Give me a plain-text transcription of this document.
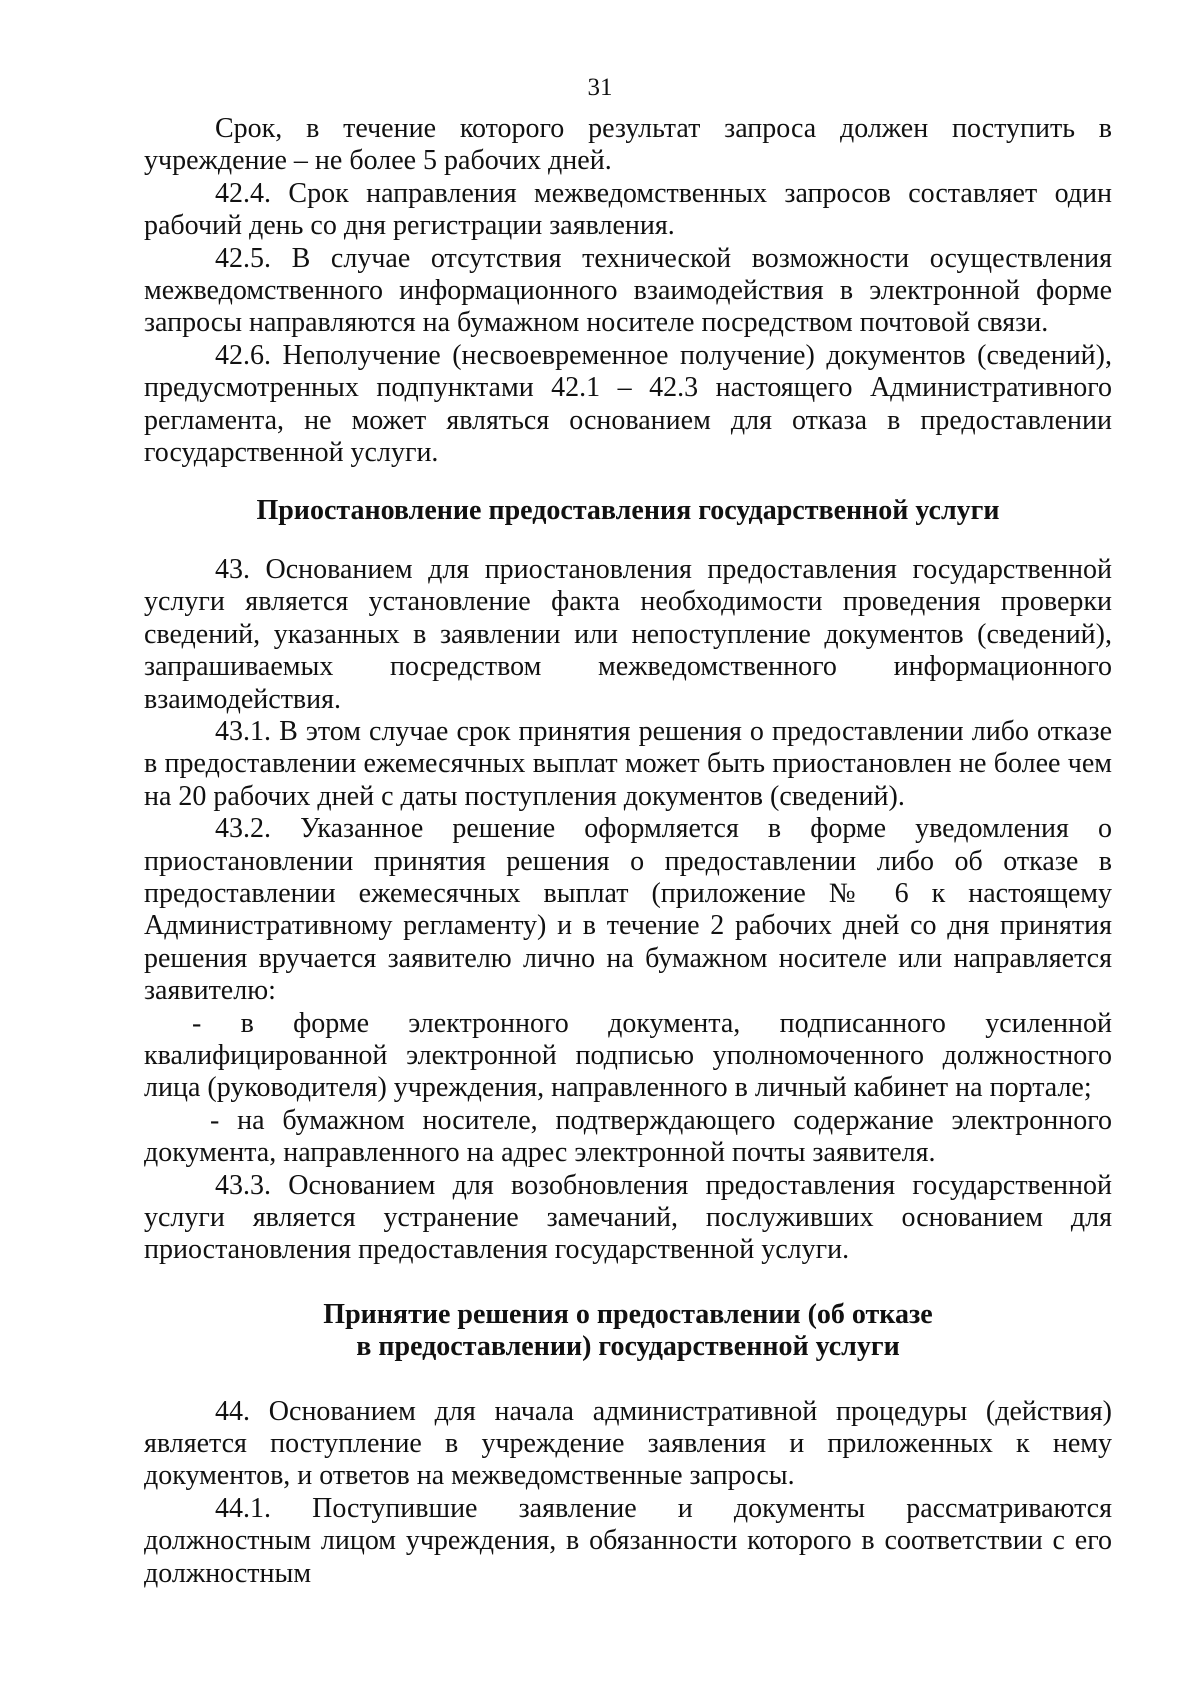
31

Срок, в течение которого результат запроса должен поступить в учреждение – не более 5 рабочих дней.

42.4. Срок направления межведомственных запросов составляет один рабочий день со дня регистрации заявления.

42.5. В случае отсутствия технической возможности осуществления межведомственного информационного взаимодействия в электронной форме запросы направляются на бумажном носителе посредством почтовой связи.

42.6. Неполучение (несвоевременное получение) документов (сведений), предусмотренных подпунктами 42.1 – 42.3 настоящего Административного регламента, не может являться основанием для отказа в предоставлении государственной услуги.

Приостановление предоставления государственной услуги

43. Основанием для приостановления предоставления государственной услуги является установление факта необходимости проведения проверки сведений, указанных в заявлении или непоступление документов (сведений), запрашиваемых посредством межведомственного информационного взаимодействия.

43.1. В этом случае срок принятия решения о предоставлении либо отказе в предоставлении ежемесячных выплат может быть приостановлен не более чем на 20 рабочих дней с даты поступления документов (сведений).

43.2. Указанное решение оформляется в форме уведомления о приостановлении принятия решения о предоставлении либо об отказе в предоставлении ежемесячных выплат (приложение № 6 к настоящему Административному регламенту) и в течение 2 рабочих дней со дня принятия решения вручается заявителю лично на бумажном носителе или направляется заявителю:

- в форме электронного документа, подписанного усиленной квалифицированной электронной подписью уполномоченного должностного лица (руководителя) учреждения, направленного в личный кабинет на портале;

- на бумажном носителе, подтверждающего содержание электронного документа, направленного на адрес электронной почты заявителя.

43.3. Основанием для возобновления предоставления государственной услуги является устранение замечаний, послуживших основанием для приостановления предоставления государственной услуги.

Принятие решения о предоставлении (об отказе

в предоставлении) государственной услуги

44. Основанием для начала административной процедуры (действия) является поступление в учреждение заявления и приложенных к нему документов, и ответов на межведомственные запросы.

44.1. Поступившие заявление и документы рассматриваются должностным лицом учреждения, в обязанности которого в соответствии с его должностным
